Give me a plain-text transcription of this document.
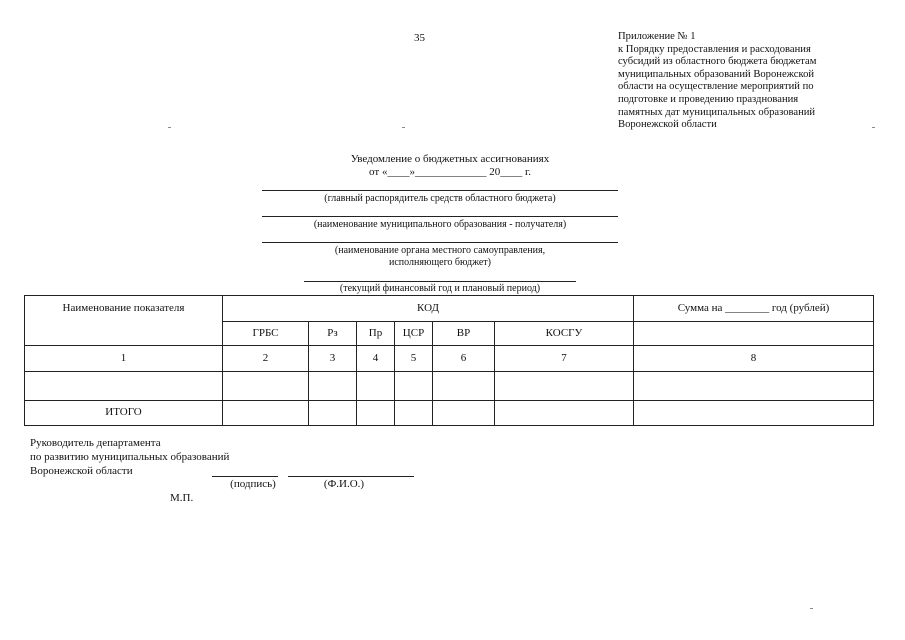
35	Приложение № 1
к Порядку предоставления и расходования
субсидий из областного бюджета бюджетам
муниципальных образований Воронежской
области на осуществление мероприятий по
подготовке и проведению празднования
памятных дат муниципальных образований
Воронежской области
Уведомление о бюджетных ассигнованиях
от «____»_____________ 20____ г.
(главный распорядитель средств областного бюджета)
(наименование муниципального образования - получателя)
(наименование органа местного самоуправления,
исполняющего бюджет)
(текущий финансовый год и плановый период)
Наименование показателя	КОД						Сумма на ________ год (рублей)
	ГРБС	Рз	Пр	ЦСР	ВР	КОСГУ	
1	2	3	4	5	6	7	8

ИТОГО							
Руководитель департамента
по развитию муниципальных образований
Воронежской области
(подпись)	(Ф.И.О.)
М.П.
